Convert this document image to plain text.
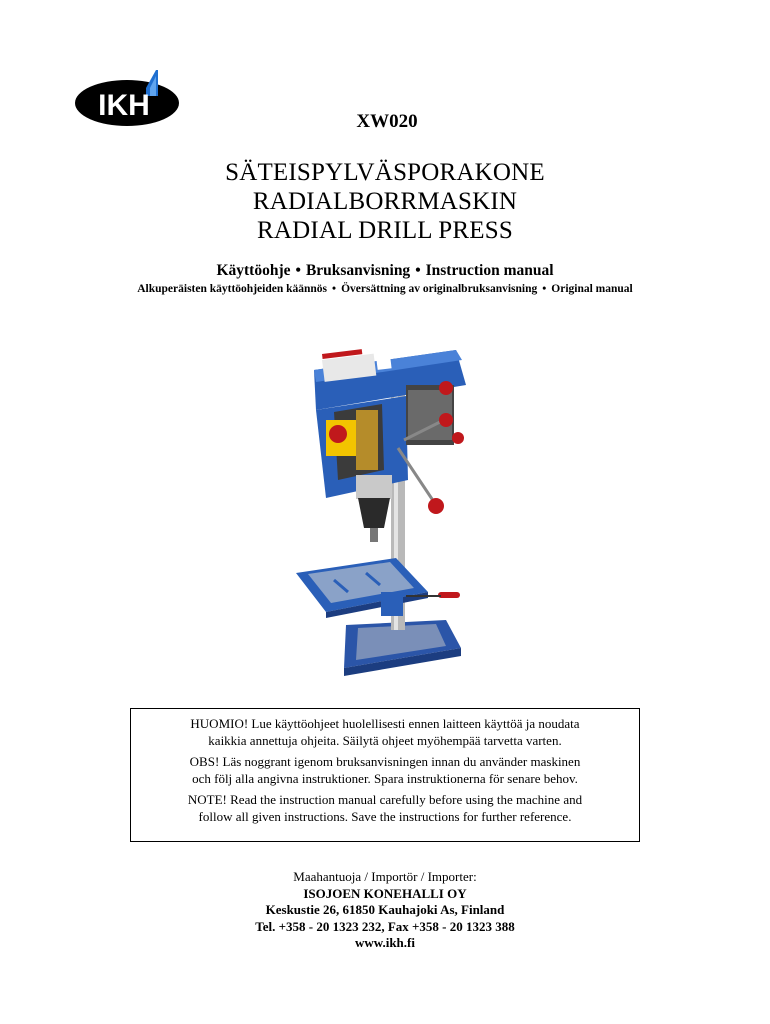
IKH	XW020
SÄTEISPYLVÄSPORAKONE
RADIALBORRMASKIN
RADIAL DRILL PRESS
Käyttöohje • Bruksanvisning • Instruction manual
Alkuperäisten käyttöohjeiden käännös • Översättning av originalbruksanvisning • Original manual

HUOMIO! Lue käyttöohjeet huolellisesti ennen laitteen käyttöä ja noudata
kaikkia annettuja ohjeita. Säilytä ohjeet myöhempää tarvetta varten.

OBS! Läs noggrant igenom bruksanvisningen innan du använder maskinen
och följ alla angivna instruktioner. Spara instruktionerna för senare behov.

NOTE! Read the instruction manual carefully before using the machine and
follow all given instructions. Save the instructions for further reference.

Maahantuoja / Importör / Importer:
ISOJOEN KONEHALLI OY
Keskustie 26, 61850 Kauhajoki As, Finland
Tel. +358 - 20 1323 232, Fax +358 - 20 1323 388
www.ikh.fi
